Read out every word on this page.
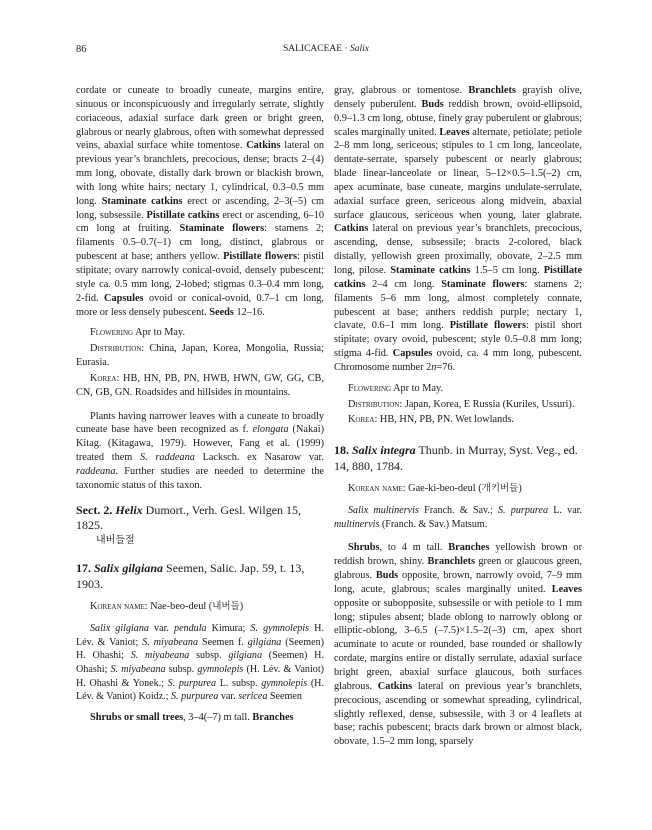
86	SALICACEAE · Salix

cordate or cuneate to broadly cuneate, margins entire, sinuous or inconspicuously and irregularly serrate, slightly coriaceous, adaxial surface dark green or bright green, glabrous or nearly glabrous, often with somewhat depressed veins, abaxial surface white tomentose. Catkins lateral on previous year’s branchlets, precocious, dense; bracts 2–(4) mm long, obovate, distally dark brown or blackish brown, with long white hairs; nectary 1, cylindrical, 0.3–0.5 mm long. Staminate catkins erect or ascending, 2–3(–5) cm long, subsessile. Pistillate catkins erect or ascending, 6–10 cm long at fruiting. Staminate flowers: stamens 2; filaments 0.5–0.7(–1) cm long, distinct, glabrous or pubescent at base; anthers yellow. Pistillate flowers: pistil stipitate; ovary narrowly conical-ovoid, densely pubescent; style ca. 0.5 mm long, 2-lobed; stigmas 0.3–0.4 mm long, 2-fid. Capsules ovoid or conical-ovoid, 0.7–1 cm long, more or less densely pubescent. Seeds 12–16.

Flowering Apr to May.

Distribution: China, Japan, Korea, Mongolia, Russia; Eurasia.

Korea: HB, HN, PB, PN, HWB, HWN, GW, GG, CB, CN, GB, GN. Roadsides and hillsides in mountains.

Plants having narrower leaves with a cuneate to broadly cuneate base have been recognized as f. elongata (Nakai) Kitag. (Kitagawa, 1979). However, Fang et al. (1999) treated them S. raddeana Lacksch. ex Nasarow var. raddeana. Further studies are needed to determine the taxonomic status of this taxon.

Sect. 2. Helix Dumort., Verh. Gesl. Wilgen 15, 1825.

내버들절

17. Salix gilgiana Seemen, Salic. Jap. 59, t. 13, 1903.

Korean name: Nae-beo-deul (내버들)

Salix gilgiana var. pendula Kimura; S. gymnolepis H. Lév. & Vaniot; S. miyabeana Seemen f. gilgiana (Seemen) H. Ohashi; S. miyabeana subsp. gilgiana (Seemen) H. Ohashi; S. miyabeana subsp. gymnolepis (H. Lév. & Vaniot) H. Ohashi & Yonek.; S. purpurea L. subsp. gymnolepis (H. Lév. & Vaniot) Koidz.; S. purpurea var. sericea Seemen

Shrubs or small trees, 3–4(–7) m tall. Branches

gray, glabrous or tomentose. Branchlets grayish olive, densely puberulent. Buds reddish brown, ovoid-ellipsoid, 0.9–1.3 cm long, obtuse, finely gray puberulent or glabrous; scales marginally united. Leaves alternate, petiolate; petiole 2–8 mm long, sericeous; stipules to 1 cm long, lanceolate, dentate-serrate, sparsely pubescent or nearly glabrous; blade linear-lanceolate or linear, 5–12×0.5–1.5(–2) cm, apex acuminate, base cuneate, margins undulate-serrulate, adaxial surface green, sericeous along midvein, abaxial surface glaucous, sericeous when young, later glabrate. Catkins lateral on previous year’s branchlets, precocious, ascending, dense, subsessile; bracts 2-colored, black distally, yellowish green proximally, obovate, 2–2.5 mm long, pilose. Staminate catkins 1.5–5 cm long. Pistillate catkins 2–4 cm long. Staminate flowers: stamens 2; filaments 5–6 mm long, almost completely connate, pubescent at base; anthers reddish purple; nectary 1, clavate, 0.6–1 mm long. Pistillate flowers: pistil short stipitate; ovary ovoid, pubescent; style 0.5–0.8 mm long; stigma 4-fid. Capsules ovoid, ca. 4 mm long, pubescent. Chromosome number 2n=76.

Flowering Apr to May.

Distribution: Japan, Korea, E Russia (Kuriles, Ussuri).

Korea: HB, HN, PB, PN. Wet lowlands.

18. Salix integra Thunb. in Murray, Syst. Veg., ed. 14, 880, 1784.

Korean name: Gae-ki-beo-deul (개키버들)

Salix multinervis Franch. & Sav.; S. purpurea L. var. multinervis (Franch. & Sav.) Matsum.

Shrubs, to 4 m tall. Branches yellowish brown or reddish brown, shiny. Branchlets green or glaucous green, glabrous. Buds opposite, brown, narrowly ovoid, 7–9 mm long, acute, glabrous; scales marginally united. Leaves opposite or subopposite, subsessile or with petiole to 1 mm long; stipules absent; blade oblong to narrowly oblong or elliptic-oblong, 3–6.5 (–7.5)×1.5–2(–3) cm, apex short acuminate to acute or rounded, base rounded or shallowly cordate, margins entire or distally serrulate, adaxial surface bright green, abaxial surface glaucous, both surfaces glabrous. Catkins lateral on previous year’s branchlets, precocious, ascending or somewhat spreading, cylindrical, slightly reflexed, dense, subsessile, with 3 or 4 leaflets at base; rachis pubescent; bracts dark brown or almost black, obovate, 1.5–2 mm long, sparsely
